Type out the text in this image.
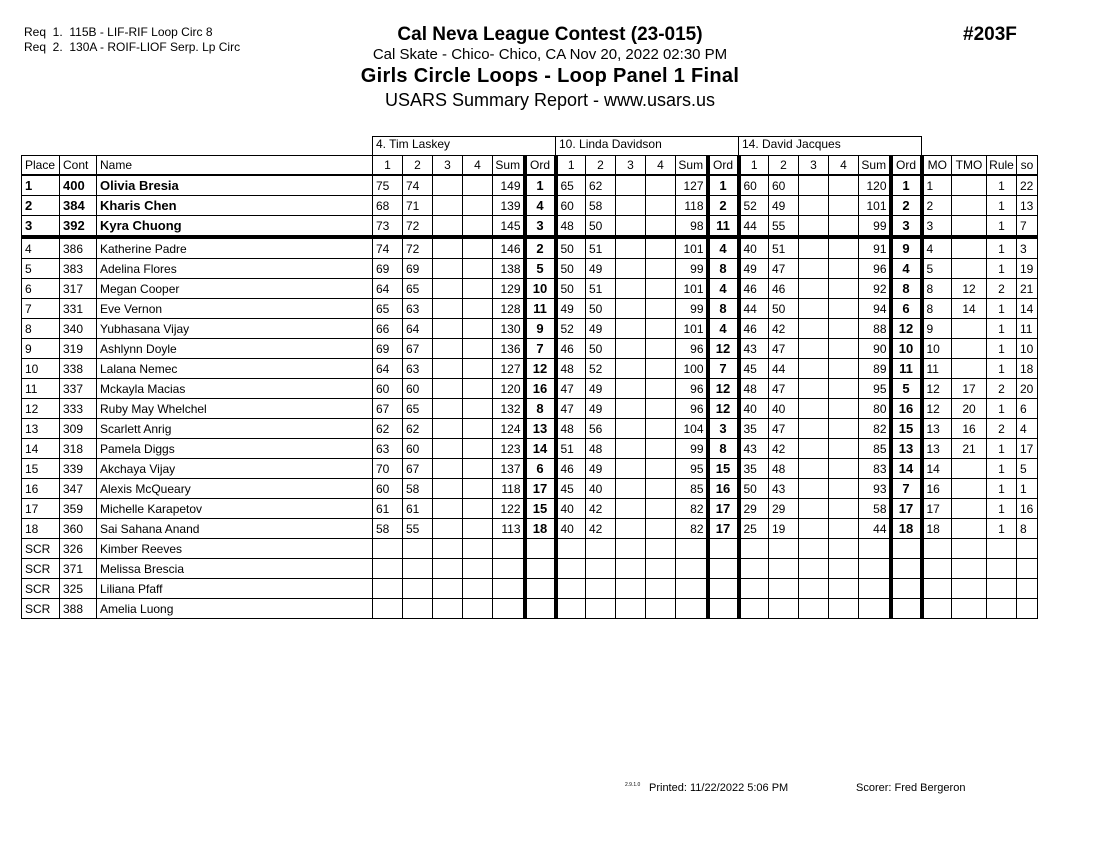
Req  1.  115B - LIF-RIF Loop Circ 8
Req  2.  130A - ROIF-LIOF Serp. Lp Circ
Cal Neva League Contest (23-015)
Cal Skate - Chico- Chico, CA Nov 20, 2022 02:30 PM
Girls Circle Loops - Loop Panel 1 Final
USARS Summary Report - www.usars.us
#203F
			4. Tim Laskey						10. Linda Davidson						14. David Jacques									
Place	Cont	Name	1	2	3	4	Sum	Ord	1	2	3	4	Sum	Ord	1	2	3	4	Sum	Ord	MO	TMO	Rule	so
1	400	Olivia Bresia	75	74			149	1	65	62			127	1	60	60			120	1	1		1	22
2	384	Kharis Chen	68	71			139	4	60	58			118	2	52	49			101	2	2		1	13
3	392	Kyra Chuong	73	72			145	3	48	50			98	11	44	55			99	3	3		1	7
4	386	Katherine Padre	74	72			146	2	50	51			101	4	40	51			91	9	4		1	3
5	383	Adelina Flores	69	69			138	5	50	49			99	8	49	47			96	4	5		1	19
6	317	Megan Cooper	64	65			129	10	50	51			101	4	46	46			92	8	8	12	2	21
7	331	Eve Vernon	65	63			128	11	49	50			99	8	44	50			94	6	8	14	1	14
8	340	Yubhasana Vijay	66	64			130	9	52	49			101	4	46	42			88	12	9		1	11
9	319	Ashlynn Doyle	69	67			136	7	46	50			96	12	43	47			90	10	10		1	10
10	338	Lalana Nemec	64	63			127	12	48	52			100	7	45	44			89	11	11		1	18
11	337	Mckayla Macias	60	60			120	16	47	49			96	12	48	47			95	5	12	17	2	20
12	333	Ruby May Whelchel	67	65			132	8	47	49			96	12	40	40			80	16	12	20	1	6
13	309	Scarlett Anrig	62	62			124	13	48	56			104	3	35	47			82	15	13	16	2	4
14	318	Pamela Diggs	63	60			123	14	51	48			99	8	43	42			85	13	13	21	1	17
15	339	Akchaya Vijay	70	67			137	6	46	49			95	15	35	48			83	14	14		1	5
16	347	Alexis McQueary	60	58			118	17	45	40			85	16	50	43			93	7	16		1	1
17	359	Michelle Karapetov	61	61			122	15	40	42			82	17	29	29			58	17	17		1	16
18	360	Sai Sahana Anand	58	55			113	18	40	42			82	17	25	19			44	18	18		1	8
SCR	326	Kimber Reeves																						
SCR	371	Melissa Brescia																						
SCR	325	Liliana Pfaff																						
SCR	388	Amelia Luong																						
2.9.1.0 Printed: 11/22/2022 5:06 PM	Scorer: Fred Bergeron
